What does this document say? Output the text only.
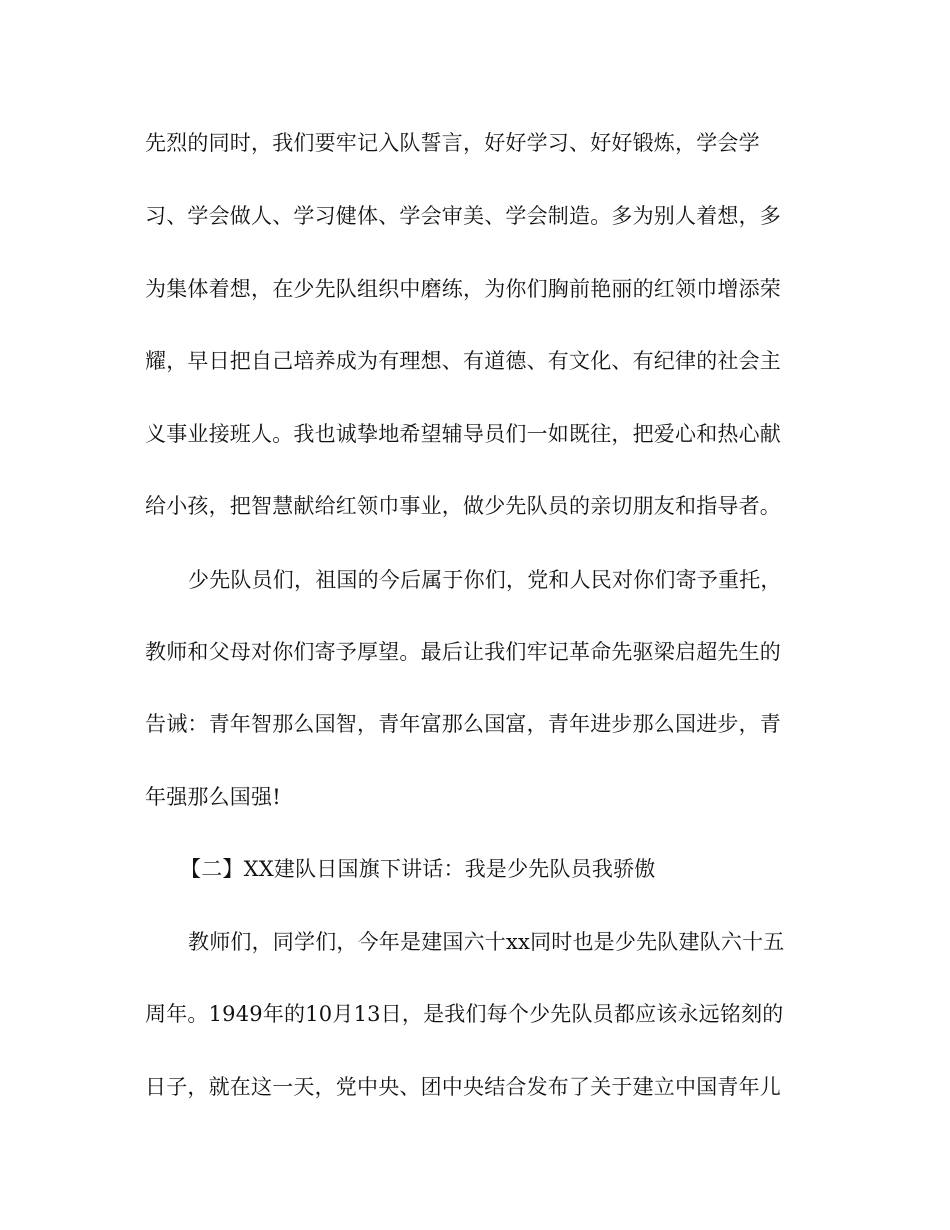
先烈的同时，我们要牢记入队誓言，好好学习、好好锻炼，学会学

习、学会做人、学习健体、学会审美、学会制造。多为别人着想，多

为集体着想，在少先队组织中磨练，为你们胸前艳丽的红领巾增添荣

耀，早日把自己培养成为有理想、有道德、有文化、有纪律的社会主

义事业接班人。我也诚挚地希望辅导员们一如既往，把爱心和热心献

给小孩，把智慧献给红领巾事业，做少先队员的亲切朋友和指导者。

少先队员们，祖国的今后属于你们，党和人民对你们寄予重托，

教师和父母对你们寄予厚望。最后让我们牢记革命先驱梁启超先生的

告诫：青年智那么国智，青年富那么国富，青年进步那么国进步，青

年强那么国强!

【二】XX建队日国旗下讲话：我是少先队员我骄傲

教师们，同学们，今年是建国六十xx同时也是少先队建队六十五

周年。1949年的10月13日，是我们每个少先队员都应该永远铭刻的

日子，就在这一天，党中央、团中央结合发布了关于建立中国青年儿
